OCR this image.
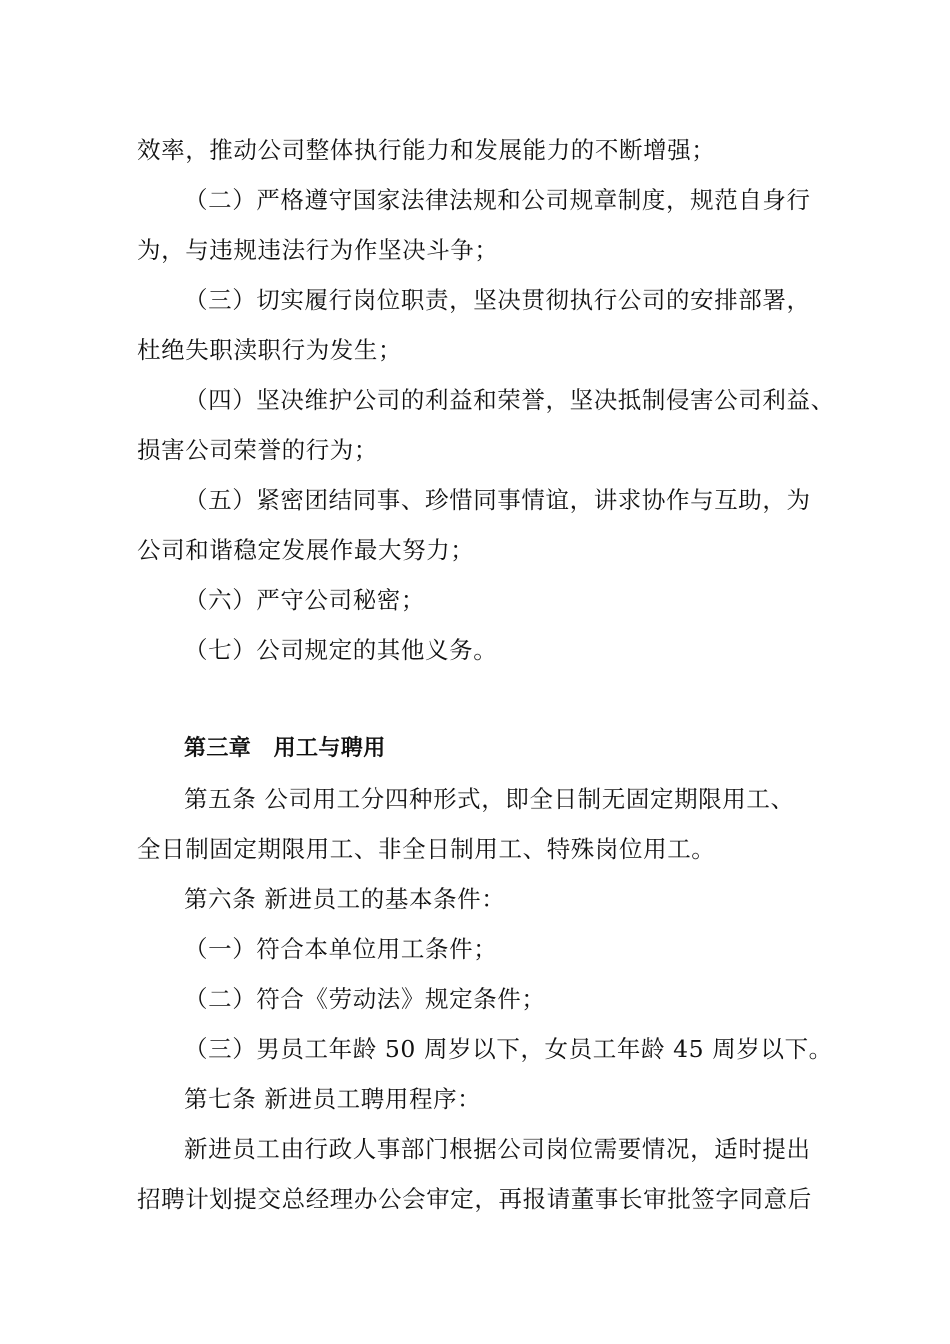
效率，推动公司整体执行能力和发展能力的不断增强；
（二）严格遵守国家法律法规和公司规章制度，规范自身行
为，与违规违法行为作坚决斗争；
（三）切实履行岗位职责，坚决贯彻执行公司的安排部署，
杜绝失职渎职行为发生；
（四）坚决维护公司的利益和荣誉，坚决抵制侵害公司利益、
损害公司荣誉的行为；
（五）紧密团结同事、珍惜同事情谊，讲求协作与互助，为
公司和谐稳定发展作最大努力；
（六）严守公司秘密；
（七）公司规定的其他义务。
第三章　用工与聘用
第五条 公司用工分四种形式，即全日制无固定期限用工、
全日制固定期限用工、非全日制用工、特殊岗位用工。
第六条 新进员工的基本条件：
（一）符合本单位用工条件；
（二）符合《劳动法》规定条件；
（三）男员工年龄 50 周岁以下，女员工年龄 45 周岁以下。
第七条 新进员工聘用程序：
新进员工由行政人事部门根据公司岗位需要情况，适时提出
招聘计划提交总经理办公会审定，再报请董事长审批签字同意后
